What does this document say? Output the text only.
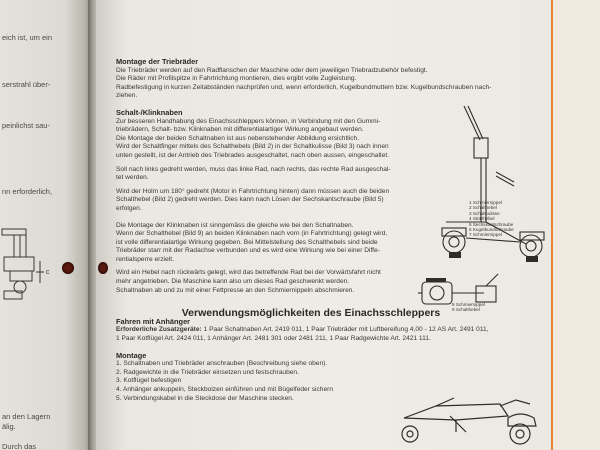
eich ist, um ein
serstrahl über-
peinlichst sau-
nn erforderlich,
c
an den Lagern
älig.
Durch das

Montage der Triebräder

Die Triebräder werden auf den Radflanschen der Maschine oder dem jeweiligen Triebradzubehör befestigt.

Die Räder mit Profilspitze in Fahrtrichtung montieren, dies ergibt volle Zugleistung.

Radbefestigung in kurzen Zeitabständen nachprüfen und, wenn erforderlich, Kugelbundmuttern bzw. Kugelbundschrauben nach-

ziehen.

Schalt-/Klinknaben

Zur besseren Handhabung des Einachsschleppers können, in Verbindung mit den Gummi-

triebrädern, Schalt- bzw. Klinknaben mit differentialartiger Wirkung angebaut werden.

Die Montage der beiden Schaltnaben ist aus nebenstehender Abbildung ersichtlich.

Wird der Schaltfinger mittels des Schalthebels (Bild 2) in der Schaltkulisse (Bild 3) nach innen

unten gestellt, ist der Antrieb des Triebrades ausgeschaltet, nach oben aussen, eingeschaltet.

Soll nach links gedreht werden, muss das linke Rad, nach rechts, das rechte Rad ausgeschal-

tet werden.

Wird der Holm um 180° gedreht (Motor in Fahrtrichtung hinten) dann müssen auch die beiden

Schalthebel (Bild 2) gedreht werden. Dies kann nach Lösen der Sechskantschraube (Bild 5)

erfolgen.

Die Montage der Klinknaben ist sinngemäss die gleiche wie bei den Schaltnaben.

Wenn der Schalthebel (Bild 9) an beiden Klinknaben nach vorn (in Fahrtrichtung) gelegt wird,

ist volle differentialartige Wirkung gegeben. Bei Mittelstellung des Schalthebels sind beide

Triebräder starr mit der Radachse verbunden und es wird eine Wirkung wie bei einer Diffe-

rentialsperre erzielt.

Wird ein Hebel nach rückwärts gelegt, wird das betreffende Rad bei der Vorwärtsfahrt nicht

mehr angetrieben. Die Maschine kann also um dieses Rad geschwenkt werden.

Schaltnaben ab und zu mit einer Fettpresse an den Schmiernippeln abschmieren.

Verwendungsmöglichkeiten des Einachsschleppers

Fahren mit Anhänger

Erforderliche Zusatzgeräte: 1 Paar Schaltnaben Art. 2419 011, 1 Paar Triebräder mit Luftbereifung 4,00 - 12 AS Art. 2491 011,

1 Paar Kotflügel Art. 2424 011, 1 Anhänger Art. 2481 301 oder 2481 211, 1 Paar Radgewichte Art. 2421 111.

Montage

1. Schaltnaben und Triebräder anschrauben (Beschreibung siehe oben).

2. Radgewichte in die Triebräder einsetzen und festschrauben.

3. Kotflügel befestigen

4. Anhänger ankuppeln, Steckbolzen einführen und mit Bügelfeder sichern

5. Verbindungskabel in die Steckdose der Maschine stecken.

1 Schmiernippel

2 Schalthebel

3 Schaltkulisse

4 Stützhebel

5 Sechskantschraube

6 Kugelbundschraube

7 Schmiernippel

8 Schmiernippel

9 Schalthebel
